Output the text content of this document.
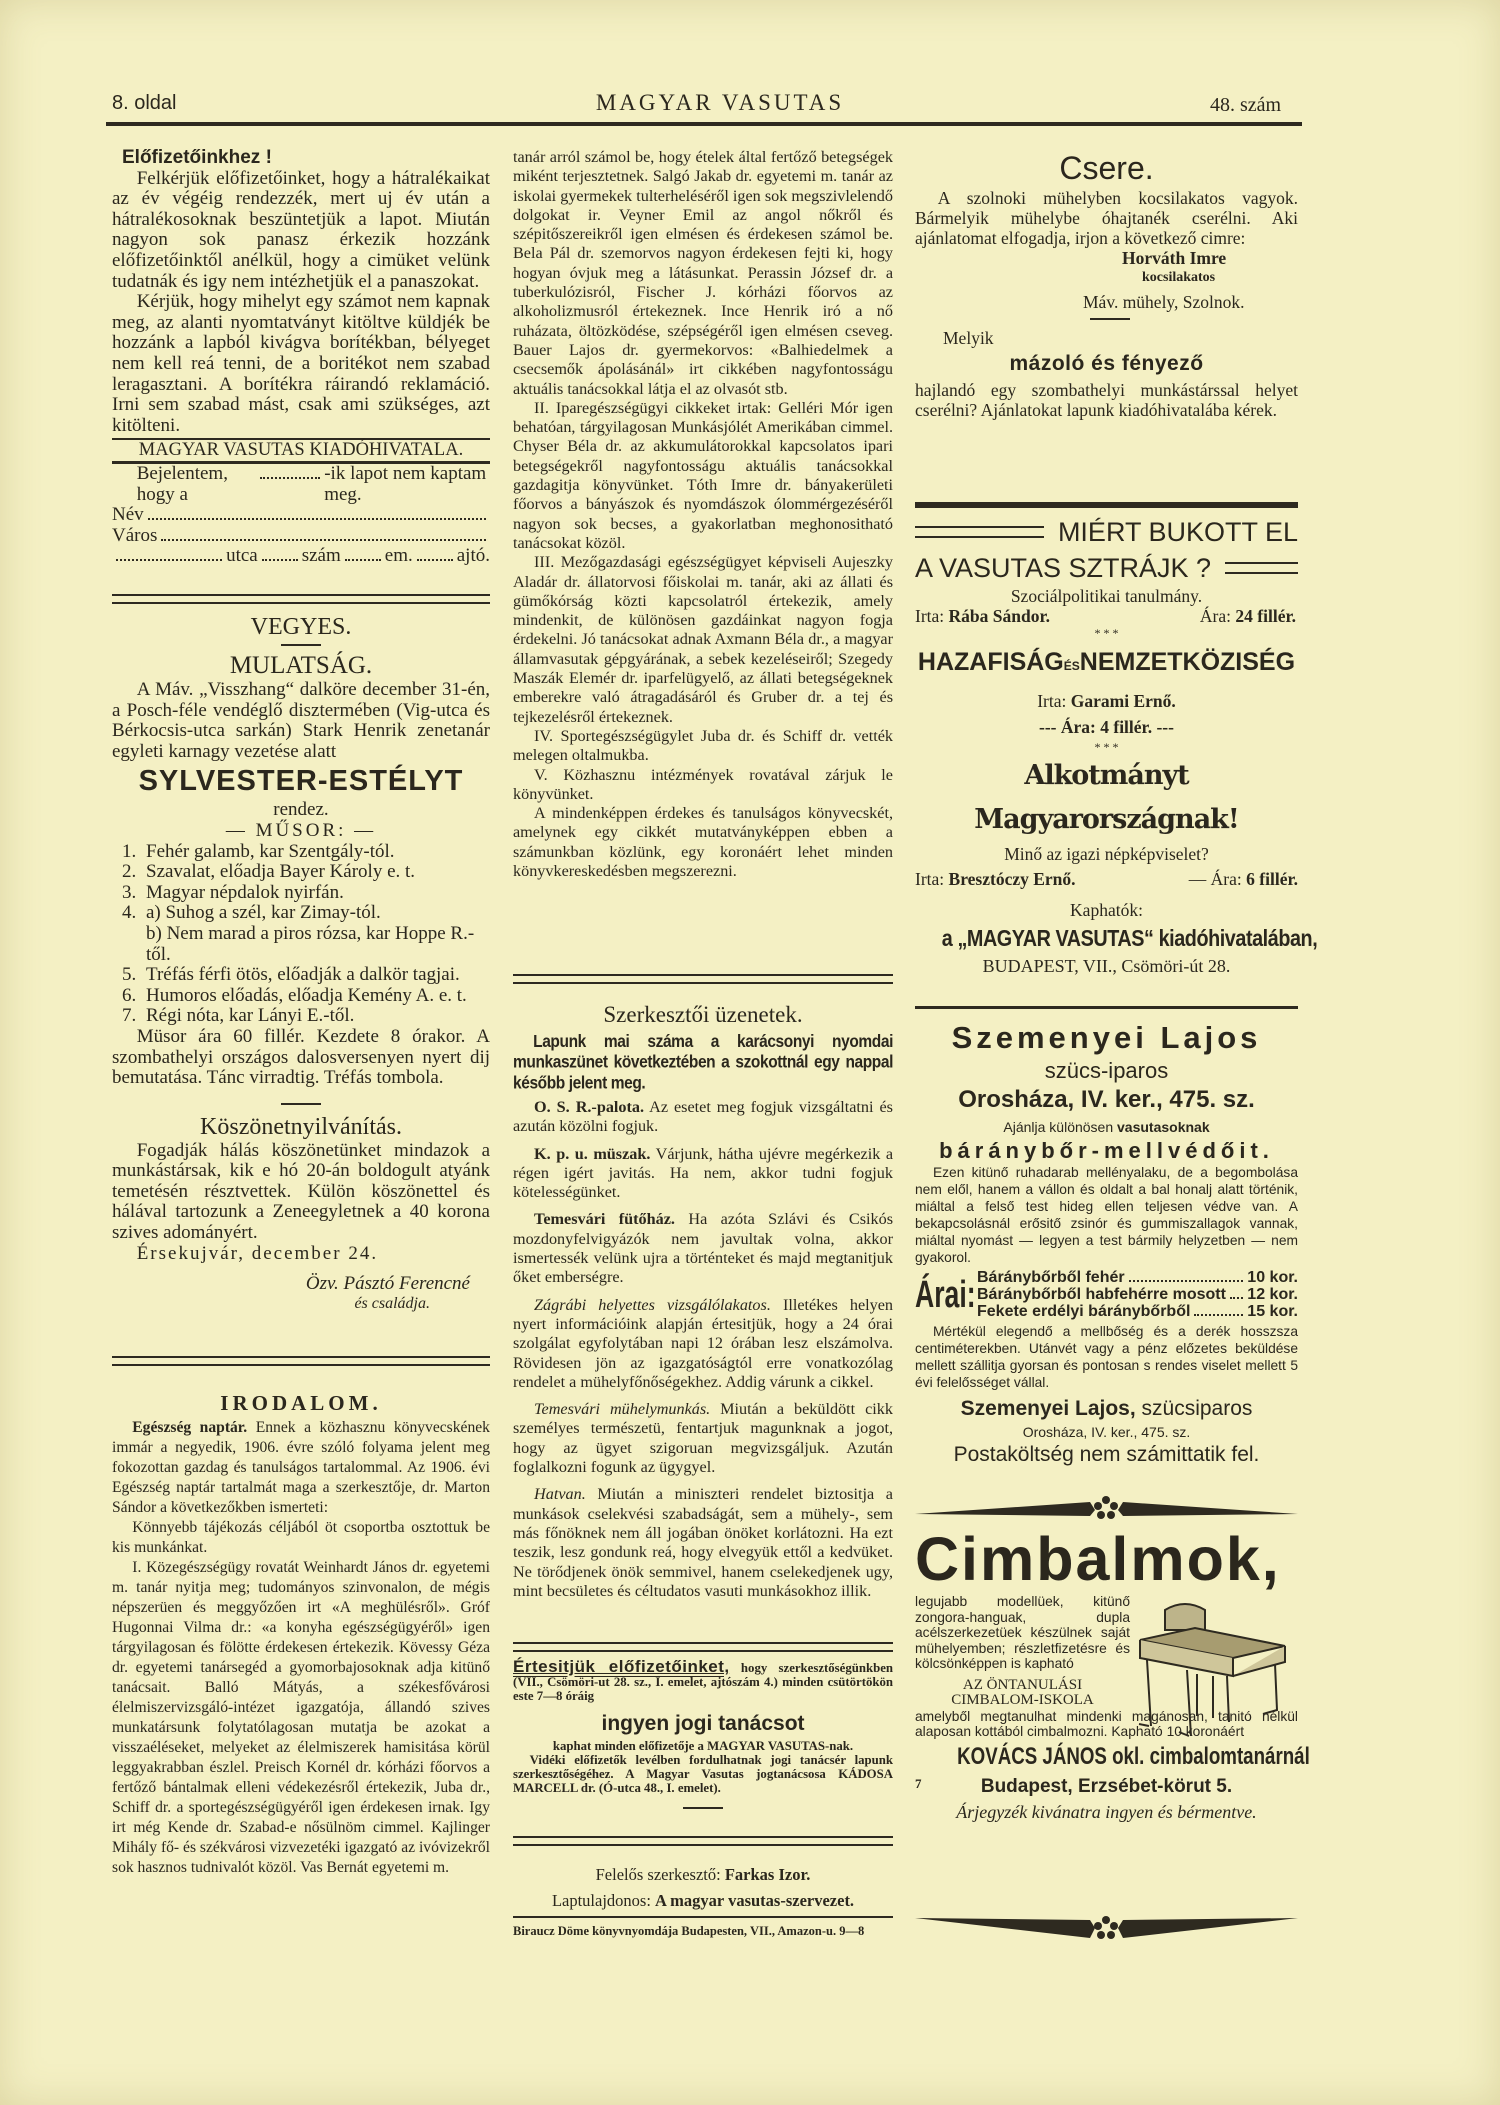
8. oldal	MAGYAR VASUTAS	48. szám

Előfizetőinkhez !

Felkérjük előfizetőinket, hogy a hátralékaikat az év végéig rendezzék, mert uj év után a hátralékosoknak beszüntetjük a lapot. Miután nagyon sok panasz érkezik hozzánk előfizetőinktől anélkül, hogy a cimüket velünk tudatnák és igy nem intézhetjük el a panaszokat.

Kérjük, hogy mihelyt egy számot nem kapnak meg, az alanti nyomtatványt kitöltve küldjék be hozzánk a lapból kivágva borítékban, bélyeget nem kell reá tenni, de a boritékot nem szabad leragasztani. A borítékra ráirandó reklamáció. Irni sem szabad mást, csak ami szükséges, azt kitölteni.

MAGYAR VASUTAS KIADÓHIVATALA.

Bejelentem, hogy a
-ik lapot nem kaptam meg.
Név
Város
utca szám em. ajtó.

VEGYES.

MULATSÁG.

A Máv. „Visszhang“ dalköre december 31-én, a Posch-féle vendéglő disztermében (Vig-utca és Bérkocsis-utca sarkán) Stark Henrik zenetanár egyleti karnagy vezetése alatt

SYLVESTER-ESTÉLYT

rendez.

— MŰSOR: —

1. Fehér galamb, kar Szentgály-tól.
2. Szavalat, előadja Bayer Károly e. t.
3. Magyar népdalok nyirfán.
4. a) Suhog a szél, kar Zimay-tól.
b) Nem marad a piros rózsa, kar Hoppe R.-től.
5. Tréfás férfi ötös, előadják a dalkör tagjai.
6. Humoros előadás, előadja Kemény A. e. t.
7. Régi nóta, kar Lányi E.-től.

Müsor ára 60 fillér. Kezdete 8 órakor. A szombathelyi országos dalosversenyen nyert dij bemutatása. Tánc virradtig. Tréfás tombola.

Köszönetnyilvánítás.

Fogadják hálás köszönetünket mindazok a munkástársak, kik e hó 20-án boldogult atyánk temetésén résztvettek. Külön köszönettel és hálával tartozunk a Zeneegyletnek a 40 korona szives adományért.

Érsekujvár, december 24.

Özv. Pásztó Ferencné

és családja.

IRODALOM.

Egészség naptár. Ennek a közhasznu könyvecskének immár a negyedik, 1906. évre szóló folyama jelent meg fokozottan gazdag és tanulságos tartalommal. Az 1906. évi Egészség naptár tartalmát maga a szerkesztője, dr. Marton Sándor a következőkben ismerteti:

Könnyebb tájékozás céljából öt csoportba osztottuk be kis munkánkat.

I. Közegészségügy rovatát Weinhardt János dr. egyetemi m. tanár nyitja meg; tudományos szinvonalon, de mégis népszerüen és meggyőzően irt «A meghülésről». Gróf Hugonnai Vilma dr.: «a konyha egészségügyéről» igen tárgyilagosan és fölötte érdekesen értekezik. Kövessy Géza dr. egyetemi tanársegéd a gyomorbajosoknak adja kitünő tanácsait. Balló Mátyás, a székesfővárosi élelmiszervizsgáló-intézet igazgatója, állandó szives munkatársunk folytatólagosan mutatja be azokat a visszaéléseket, melyeket az élelmiszerek hamisitása körül leggyakrabban észlel. Preisch Kornél dr. kórházi főorvos a fertőző bántalmak elleni védekezésről értekezik, Juba dr., Schiff dr. a sportegészségügyéről igen érdekesen irnak. Igy irt még Kende dr. Szabad-e nősülnöm cimmel. Kajlinger Mihály fő- és székvárosi vizvezetéki igazgató az ivóvizekről sok hasznos tudnivalót közöl. Vas Bernát egyetemi m.

tanár arról számol be, hogy ételek által fertőző betegségek miként terjesztetnek. Salgó Jakab dr. egyetemi m. tanár az iskolai gyermekek tulterheléséről igen sok megszivlelendő dolgokat ir. Veyner Emil az angol nőkről és szépitőszereikről igen elmésen és érdekesen számol be. Bela Pál dr. szemorvos nagyon érdekesen fejti ki, hogy hogyan óvjuk meg a látásunkat. Perassin József dr. a tuberkulózisról, Fischer J. kórházi főorvos az alkoholizmusról értekeznek. Ince Henrik iró a nő ruházata, öltözködése, szépségéről igen elmésen cseveg. Bauer Lajos dr. gyermekorvos: «Balhiedelmek a csecsemők ápolásánál» irt cikkében nagyfontosságu aktuális tanácsokkal látja el az olvasót stb.

II. Iparegészségügyi cikkeket irtak: Gelléri Mór igen behatóan, tárgyilagosan Munkásjólét Amerikában cimmel. Chyser Béla dr. az akkumulátorokkal kapcsolatos ipari betegségekről nagyfontosságu aktuális tanácsokkal gazdagitja könyvünket. Tóth Imre dr. bányakerületi főorvos a bányászok és nyomdászok ólommérgezéséről nagyon sok becses, a gyakorlatban meghonositható tanácsokat közöl.

III. Mezőgazdasági egészségügyet képviseli Aujeszky Aladár dr. állatorvosi főiskolai m. tanár, aki az állati és gümőkórság közti kapcsolatról értekezik, amely mindenkit, de különösen gazdáinkat nagyon fogja érdekelni. Jó tanácsokat adnak Axmann Béla dr., a magyar államvasutak gépgyárának, a sebek kezeléseiről; Szegedy Maszák Elemér dr. iparfelügyelő, az állati betegségeknek emberekre való átragadásáról és Gruber dr. a tej és tejkezelésről értekeznek.

IV. Sportegészségügylet Juba dr. és Schiff dr. vették melegen oltalmukba.

V. Közhasznu intézmények rovatával zárjuk le könyvünket.

A mindenképpen érdekes és tanulságos könyvecskét, amelynek egy cikkét mutatványképpen ebben a számunkban közlünk, egy koronáért lehet minden könyvkereskedésben megszerezni.

Szerkesztői üzenetek.

Lapunk mai száma a karácsonyi nyomdai munkaszünet következtében a szokottnál egy nappal később jelent meg.

O. S. R.-palota. Az esetet meg fogjuk vizsgáltatni és azután közölni fogjuk.

K. p. u. müszak. Várjunk, hátha ujévre megérkezik a régen igért javitás. Ha nem, akkor tudni fogjuk kötelességünket.

Temesvári fütőház. Ha azóta Szlávi és Csikós mozdonyfelvigyázók nem javultak volna, akkor ismertessék velünk ujra a történteket és majd megtanitjuk őket emberségre.

Zágrábi helyettes vizsgálólakatos. Illetékes helyen nyert információink alapján értesitjük, hogy a 24 órai szolgálat egyfolytában napi 12 órában lesz elszámolva. Rövidesen jön az igazgatóságtól erre vonatkozólag rendelet a mühelyfőnőségekhez. Addig várunk a cikkel.

Temesvári mühelymunkás. Miután a beküldött cikk személyes természetü, fentartjuk magunknak a jogot, hogy az ügyet szigoruan megvizsgáljuk. Azután foglalkozni fogunk az ügygyel.

Hatvan. Miután a miniszteri rendelet biztositja a munkások cselekvési szabadságát, sem a mühely-, sem más főnöknek nem áll jogában önöket korlátozni. Ha ezt teszik, lesz gondunk reá, hogy elvegyük ettől a kedvüket. Ne törődjenek önök semmivel, hanem cselekedjenek ugy, mint becsületes és céltudatos vasuti munkásokhoz illik.

Értesitjük előfizetőinket, hogy szerkesztőségünkben (VII., Csömöri-ut 28. sz., I. emelet, ajtószám 4.) minden csütörtökön este 7—8 óráig

ingyen jogi tanácsot

kaphat minden előfizetője a MAGYAR VASUTAS-nak.

Vidéki előfizetők levélben fordulhatnak jogi tanácsér lapunk szerkesztőségéhez. A Magyar Vasutas jogtanácsosa KÁDOSA MARCELL dr. (Ó-utca 48., I. emelet).

Felelős szerkesztő: Farkas Izor.

Laptulajdonos: A magyar vasutas-szervezet.

Biraucz Döme könyvnyomdája Budapesten, VII., Amazon-u. 9—8

Csere.

A szolnoki mühelyben kocsilakatos vagyok. Bármelyik mühelybe óhajtanék cserélni. Aki ajánlatomat elfogadja, irjon a következő cimre:

Horváth Imre

kocsilakatos

Máv. mühely, Szolnok.

Melyik

mázoló és fényező

hajlandó egy szombathelyi munkástárssal helyet cserélni? Ajánlatokat lapunk kiadóhivatalába kérek.

MIÉRT BUKOTT EL
A VASUTAS SZTRÁJK ?

Szociálpolitikai tanulmány.

Irta: Rába Sándor.	Ára: 24 fillér.

* * *

HAZAFISÁGÉSNEMZETKÖZISÉG

Irta: Garami Ernő.

--- Ára: 4 fillér. ---

* * *

Alkotmányt Magyarországnak!

Minő az igazi népképviselet?

Irta: Bresztóczy Ernő.	— Ára: 6 fillér.

Kaphatók:

a „MAGYAR VASUTAS“ kiadóhivatalában,

BUDAPEST, VII., Csömöri-út 28.

Szemenyei Lajos

szücs-iparos

Orosháza, IV. ker., 475. sz.

Ajánlja különösen vasutasoknak

báránybőr-mellvédőit.

Ezen kitünő ruhadarab mellényalaku, de a begombolása nem elől, hanem a vállon és oldalt a bal honalj alatt történik, miáltal a felső test hideg ellen teljesen védve van. A bekapcsolásnál erősitő zsinór és gummiszallagok vannak, miáltal nyomást — legyen a test bármily helyzetben — nem gyakorol.

Árai: Báránybőrből fehér	10 kor.
Báránybőrből habfehérre mosott 12 kor.
Fekete erdélyi báránybőrből	15 kor.

Mértékül elegendő a mellbőség és a derék hosszsza centiméterekben. Utánvét vagy a pénz előzetes beküldése mellett szállitja gyorsan és pontosan s rendes viselet mellett 5 évi felelősséget vállal.

Szemenyei Lajos, szücsiparos

Orosháza, IV. ker., 475. sz.

Postaköltség nem számittatik fel.

Cimbalmok,

legujabb modellüek, kitünő zongora-hanguak, dupla acélszerkezetüek készülnek saját mühelyemben; részletfizetésre és kölcsönképpen is kapható

AZ ÖNTANULÁSI

CIMBALOM-ISKOLA

amelyből megtanulhat mindenki magánosan, tanitó nélkül alaposan kottából cimbalmozni. Kapható 10 koronáért

KOVÁCS JÁNOS okl. cimbalomtanárnál

7	Budapest, Erzsébet-körut 5.

Árjegyzék kivánatra ingyen és bérmentve.
